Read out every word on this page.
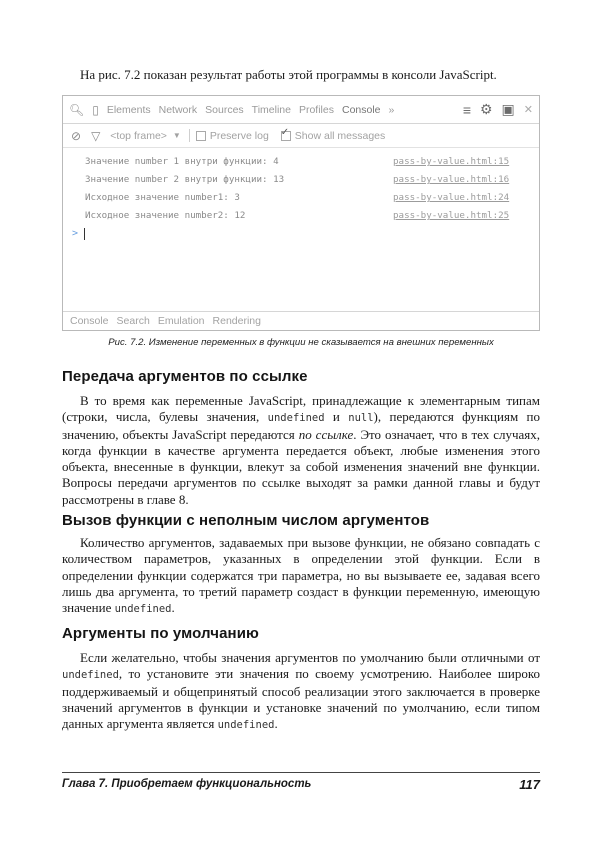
На рис. 7.2 показан результат работы этой программы в консоли JavaScript.

🔍︎ ▯ Elements Network Sources Timeline Profiles Console »	≡ ⚙︎ ▣ ✕
⊘ ▽ <top frame> ▼	Preserve log ✓ Show all messages
Значение number 1 внутри функции: 4	pass-by-value.html:15
Значение number 2 внутри функции: 13	pass-by-value.html:16
Исходное значение number1: 3	pass-by-value.html:24
Исходное значение number2: 12	pass-by-value.html:25
>
Console Search Emulation Rendering

Рис. 7.2. Изменение переменных в функции не сказывается на внешних переменных

Передача аргументов по ссылке

В то время как переменные JavaScript, принадлежащие к элементарным типам (строки, числа, булевы значения, undefined и null), передаются функциям по значению, объекты JavaScript передаются по ссылке. Это означает, что в тех случаях, когда функции в качестве аргумента передается объект, любые изменения этого объекта, внесенные в функции, влекут за собой изменения значений вне функции. Вопросы передачи аргументов по ссылке выходят за рамки данной главы и будут рассмотрены в главе 8.

Вызов функции с неполным числом аргументов

Количество аргументов, задаваемых при вызове функции, не обязано совпадать с количеством параметров, указанных в определении этой функции. Если в определении функции содержатся три параметра, но вы вызываете ее, задавая всего лишь два аргумента, то третий параметр создаст в функции переменную, имеющую значение undefined.

Аргументы по умолчанию

Если желательно, чтобы значения аргументов по умолчанию были отличными от undefined, то установите эти значения по своему усмотрению. Наиболее широко поддерживаемый и общепринятый способ реализации этого заключается в проверке значений аргументов в функции и установке значений по умолчанию, если типом данных аргумента является undefined.

Глава 7. Приобретаем функциональность	117
